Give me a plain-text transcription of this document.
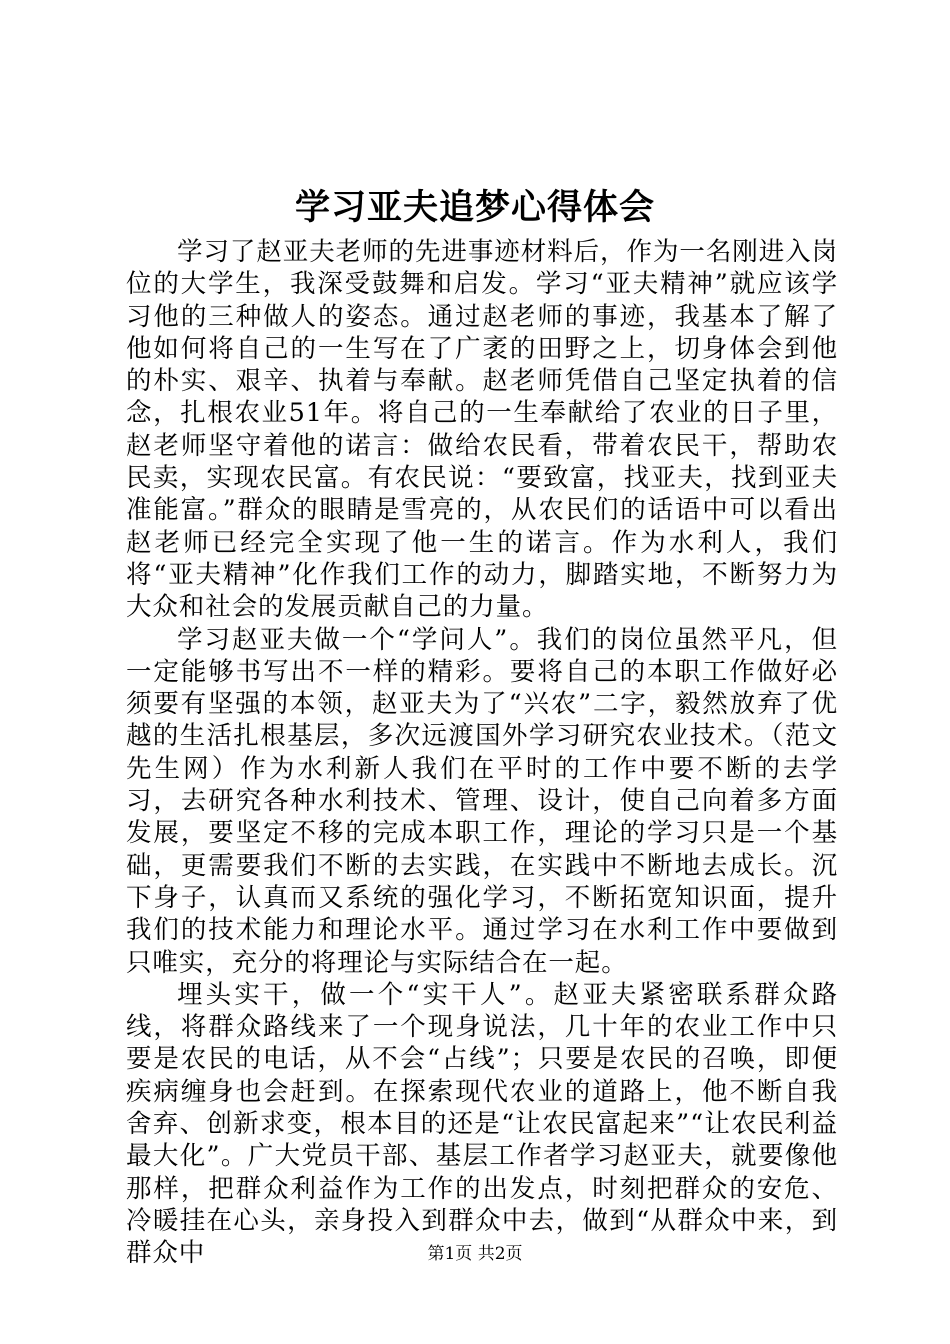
学习亚夫追梦心得体会

学习了赵亚夫老师的先进事迹材料后，作为一名刚进入岗位的大学生，我深受鼓舞和启发。学习“亚夫精神”就应该学习他的三种做人的姿态。通过赵老师的事迹，我基本了解了他如何将自己的一生写在了广袤的田野之上，切身体会到他的朴实、艰辛、执着与奉献。赵老师凭借自己坚定执着的信念，扎根农业51年。将自己的一生奉献给了农业的日子里，赵老师坚守着他的诺言：做给农民看，带着农民干，帮助农民卖，实现农民富。有农民说：“要致富，找亚夫，找到亚夫准能富。”群众的眼睛是雪亮的，从农民们的话语中可以看出赵老师已经完全实现了他一生的诺言。作为水利人，我们将“亚夫精神”化作我们工作的动力，脚踏实地，不断努力为大众和社会的发展贡献自己的力量。

学习赵亚夫做一个“学问人”。我们的岗位虽然平凡，但一定能够书写出不一样的精彩。要将自己的本职工作做好必须要有坚强的本领，赵亚夫为了“兴农”二字，毅然放弃了优越的生活扎根基层，多次远渡国外学习研究农业技术。（范文先生网）作为水利新人我们在平时的工作中要不断的去学习，去研究各种水利技术、管理、设计，使自己向着多方面发展，要坚定不移的完成本职工作，理论的学习只是一个基础，更需要我们不断的去实践，在实践中不断地去成长。沉下身子，认真而又系统的强化学习，不断拓宽知识面，提升我们的技术能力和理论水平。通过学习在水利工作中要做到只唯实，充分的将理论与实际结合在一起。

埋头实干，做一个“实干人”。赵亚夫紧密联系群众路线，将群众路线来了一个现身说法，几十年的农业工作中只要是农民的电话，从不会“占线”；只要是农民的召唤，即便疾病缠身也会赶到。在探索现代农业的道路上，他不断自我舍弃、创新求变，根本目的还是“让农民富起来”“让农民利益最大化”。广大党员干部、基层工作者学习赵亚夫，就要像他那样，把群众利益作为工作的出发点，时刻把群众的安危、冷暖挂在心头，亲身投入到群众中去，做到“从群众中来，到群众中	第1页 共2页
